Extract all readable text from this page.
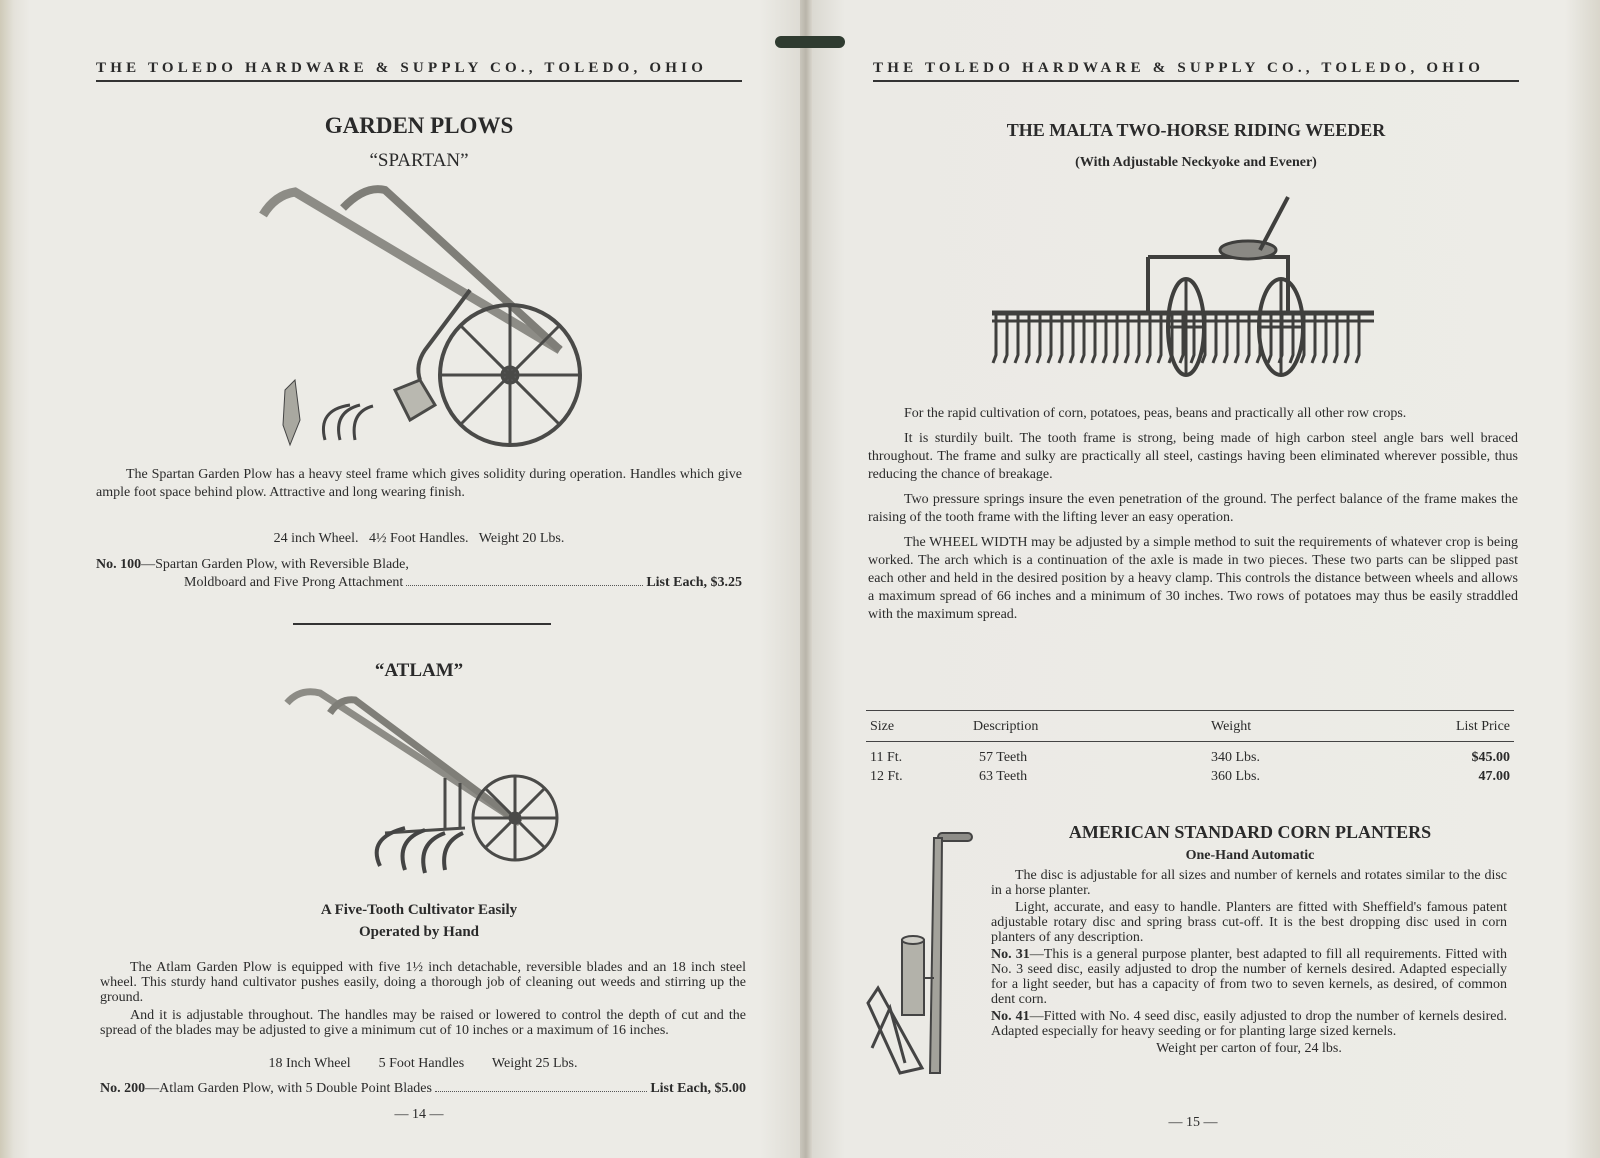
THE TOLEDO HARDWARE & SUPPLY CO., TOLEDO, OHIO
GARDEN PLOWS
“SPARTAN”

The Spartan Garden Plow has a heavy steel frame which gives solidity during operation. Handles which give ample foot space behind plow. Attractive and long wearing finish.

24 inch Wheel.   4½ Foot Handles.   Weight 20 Lbs.

No. 100—Spartan Garden Plow, with Reversible Blade,
Moldboard and Five Prong Attachment	List Each, $3.25
“ATLAM”
A Five-Tooth Cultivator Easily
Operated by Hand

The Atlam Garden Plow is equipped with five 1½ inch detachable, reversible blades and an 18 inch steel wheel. This sturdy hand cultivator pushes easily, doing a thorough job of cleaning out weeds and stirring up the ground.

And it is adjustable throughout. The handles may be raised or lowered to control the depth of cut and the spread of the blades may be adjusted to give a minimum cut of 10 inches or a maximum of 16 inches.

18 Inch Wheel        5 Foot Handles        Weight 25 Lbs.

No. 200 —Atlam Garden Plow, with 5 Double Point Blades	List Each, $5.00
— 14 —
THE TOLEDO HARDWARE & SUPPLY CO., TOLEDO, OHIO
THE MALTA TWO-HORSE RIDING WEEDER
(With Adjustable Neckyoke and Evener)

For the rapid cultivation of corn, potatoes, peas, beans and practically all other row crops.

It is sturdily built. The tooth frame is strong, being made of high carbon steel angle bars well braced throughout. The frame and sulky are practically all steel, castings having been eliminated wherever possible, thus reducing the chance of breakage.

Two pressure springs insure the even penetration of the ground. The perfect balance of the frame makes the raising of the tooth frame with the lifting lever an easy operation.

The WHEEL WIDTH may be adjusted by a simple method to suit the requirements of whatever crop is being worked. The arch which is a continuation of the axle is made in two pieces. These two parts can be slipped past each other and held in the desired position by a heavy clamp. This controls the distance between wheels and allows a maximum spread of 66 inches and a minimum of 30 inches. Two rows of potatoes may thus be easily straddled with the maximum spread.

Size	Description	Weight	List Price
11 Ft.	57 Teeth	340 Lbs.	$45.00
12 Ft.	63 Teeth	360 Lbs.	47.00
AMERICAN STANDARD CORN PLANTERS
One-Hand Automatic

The disc is adjustable for all sizes and number of kernels and rotates similar to the disc in a horse planter.

Light, accurate, and easy to handle. Planters are fitted with Sheffield's famous patent adjustable rotary disc and spring brass cut-off. It is the best dropping disc used in corn planters of any description.

No. 31—This is a general purpose planter, best adapted to fill all requirements. Fitted with No. 3 seed disc, easily adjusted to drop the number of kernels desired. Adapted especially for a light seeder, but has a capacity of from two to seven kernels, as desired, of common dent corn.

No. 41—Fitted with No. 4 seed disc, easily adjusted to drop the number of kernels desired. Adapted especially for heavy seeding or for planting large sized kernels.

Weight per carton of four, 24 lbs.

— 15 —
